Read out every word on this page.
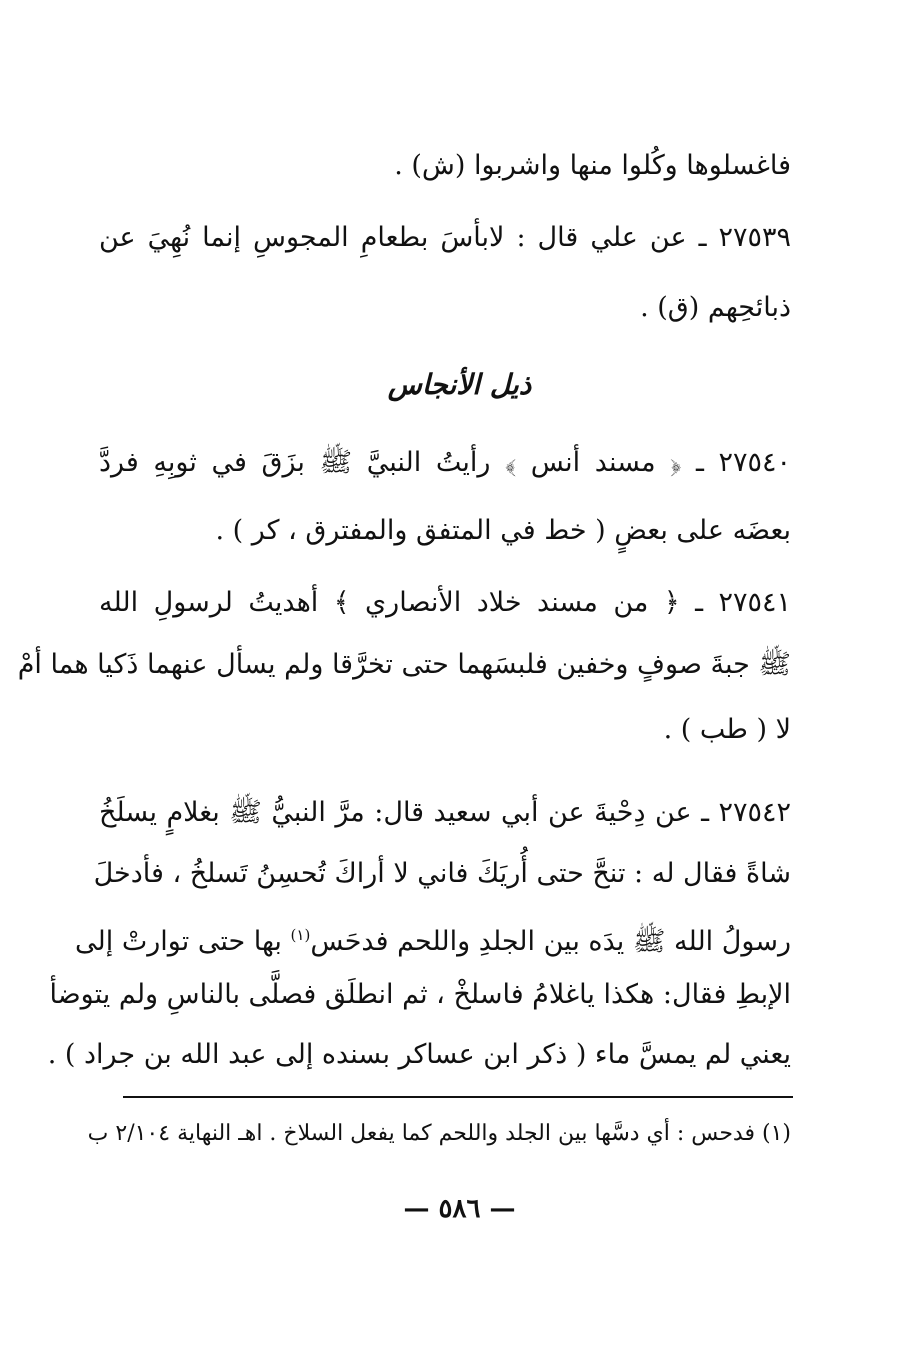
فاغسلوها وكُلوا منها واشربوا (ش) .
٢٧٥٣٩ ـ عن علي قال : لابأسَ بطعامِ المجوسِ إنما نُهِيَ عن
ذبائحِهم (ق) .
ذيل الأنجاس
٢٧٥٤٠ ـ ﴿ مسند أنس ﴾ رأيتُ النبيَّ ﷺ بزَقَ في ثوبِهِ فردَّ
بعضَه على بعضٍ ( خط في المتفق والمفترق ، كر ) .
٢٧٥٤١ ـ ﴿ من مسند خلاد الأنصاري ﴾ أهديتُ لرسولِ الله
ﷺ جبةَ صوفٍ وخفين فلبسَهما حتى تخرَّقا ولم يسأل عنهما ذَكيا هما أمْ
لا ( طب ) .
٢٧٥٤٢ ـ عن دِحْيةَ عن أبي سعيد قال: مرَّ النبيُّ ﷺ بغلامٍ يسلَخُ
شاةً فقال له : تنحَّ حتى أُريَكَ فاني لا أراكَ تُحسِنُ تَسلخُ ، فأدخلَ
رسولُ الله ﷺ يدَه بين الجلدِ واللحم فدحَس$^{(١)}$ بها حتى توارتْ إلى
الإبطِ فقال: هكذا ياغلامُ فاسلخْ ، ثم انطلَق فصلَّى بالناسِ ولم يتوضأ
يعني لم يمسَّ ماء ( ذكر ابن عساكر بسنده إلى عبد الله بن جراد ) .
(١) فدحس : أي دسَّها بين الجلد واللحم كما يفعل السلاخ . اهـ النهاية ٢/١٠٤ ب
— ٥٨٦ —
